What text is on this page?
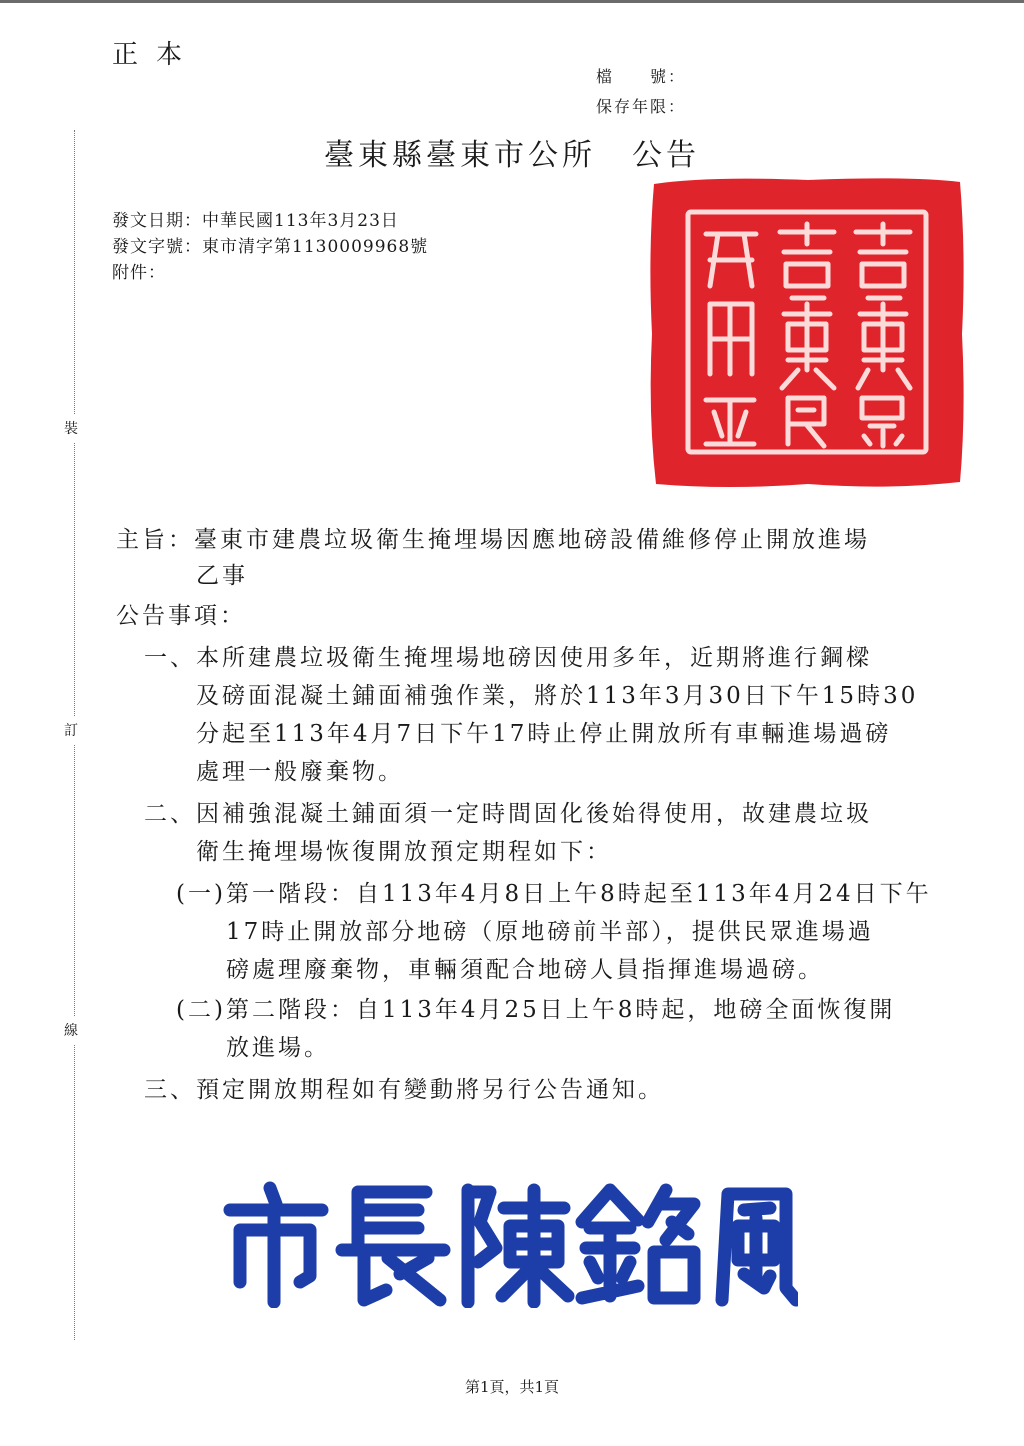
正本
檔　　號：
保存年限：
裝
訂
線
臺東縣臺東市公所 公告
發文日期：中華民國113年3月23日
發文字號：東市清字第1130009968號
附件：
主旨：臺東市建農垃圾衛生掩埋場因應地磅設備維修停止開放進場
乙事
公告事項：
一、 本所建農垃圾衛生掩埋場地磅因使用多年，近期將進行鋼樑
及磅面混凝土鋪面補強作業，將於113年3月30日下午15時30
分起至113年4月7日下午17時止停止開放所有車輛進場過磅
處理一般廢棄物。
二、 因補強混凝土鋪面須一定時間固化後始得使用，故建農垃圾
衛生掩埋場恢復開放預定期程如下：
(一) 第一階段：自113年4月8日上午8時起至113年4月24日下午
17時止開放部分地磅（原地磅前半部），提供民眾進場過
磅處理廢棄物，車輛須配合地磅人員指揮進場過磅。
(二) 第二階段：自113年4月25日上午8時起，地磅全面恢復開
放進場。
三、 預定開放期程如有變動將另行公告通知。
第1頁，共1頁
